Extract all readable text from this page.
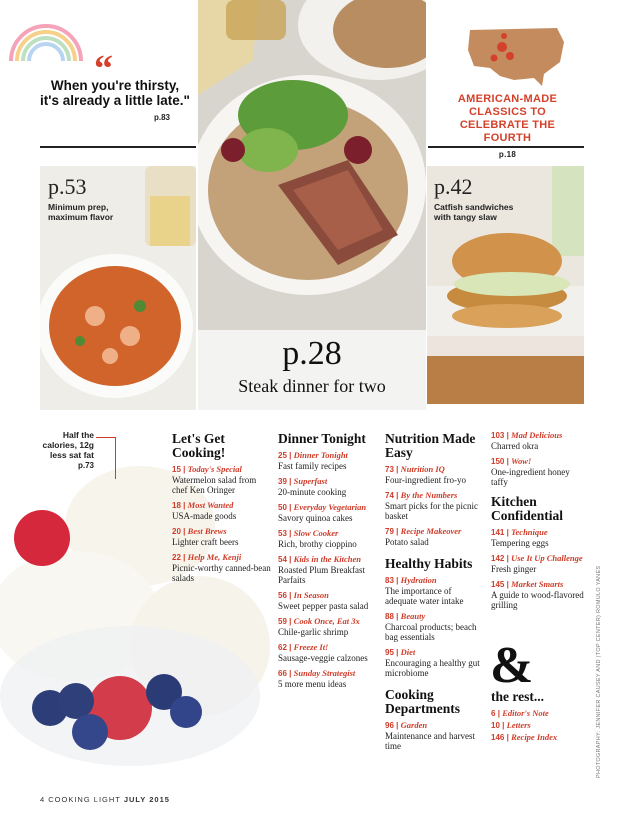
p.28
Steak dinner for two
“
When you're thirsty, it's already a little late."
p.83
AMERICAN-MADE CLASSICS TO CELEBRATE THE FOURTH
p.18
p.53
Minimum prep, maximum flavor
p.42
Catfish sandwiches with tangy slaw
Half the calories, 12g less sat fat
p.73
Let's Get Cooking!
15 | Today's Special
Watermelon salad from chef Ken Oringer
18 | Most Wanted
USA-made goods
20 | Best Brews
Lighter craft beers
22 | Help Me, Kenji
Picnic-worthy canned-bean salads
Dinner Tonight
25 | Dinner Tonight
Fast family recipes
39 | Superfast
20-minute cooking
50 | Everyday Vegetarian
Savory quinoa cakes
53 | Slow Cooker
Rich, brothy cioppino
54 | Kids in the Kitchen
Roasted Plum Breakfast Parfaits
56 | In Season
Sweet pepper pasta salad
59 | Cook Once, Eat 3x
Chile-garlic shrimp
62 | Freeze It!
Sausage-veggie calzones
66 | Sunday Strategist
5 more menu ideas
Nutrition Made Easy
73 | Nutrition IQ
Four-ingredient fro-yo
74 | By the Numbers
Smart picks for the picnic basket
79 | Recipe Makeover
Potato salad
Healthy Habits
83 | Hydration
The importance of adequate water intake
88 | Beauty
Charcoal products; beach bag essentials
95 | Diet
Encouraging a healthy gut microbiome
Cooking Departments
96 | Garden
Maintenance and harvest time
103 | Mad Delicious
Charred okra
150 | Wow!
One-ingredient honey taffy
Kitchen Confidential
141 | Technique
Tempering eggs
142 | Use It Up Challenge
Fresh ginger
145 | Market Smarts
A guide to wood-flavored grilling
&
the rest...
6 | Editor's Note
10 | Letters
146 | Recipe Index
4 COOKING LIGHT JULY 2015
PHOTOGRAPHY: JENNIFER CAUSEY AND (TOP CENTER) ROMULO YANES
